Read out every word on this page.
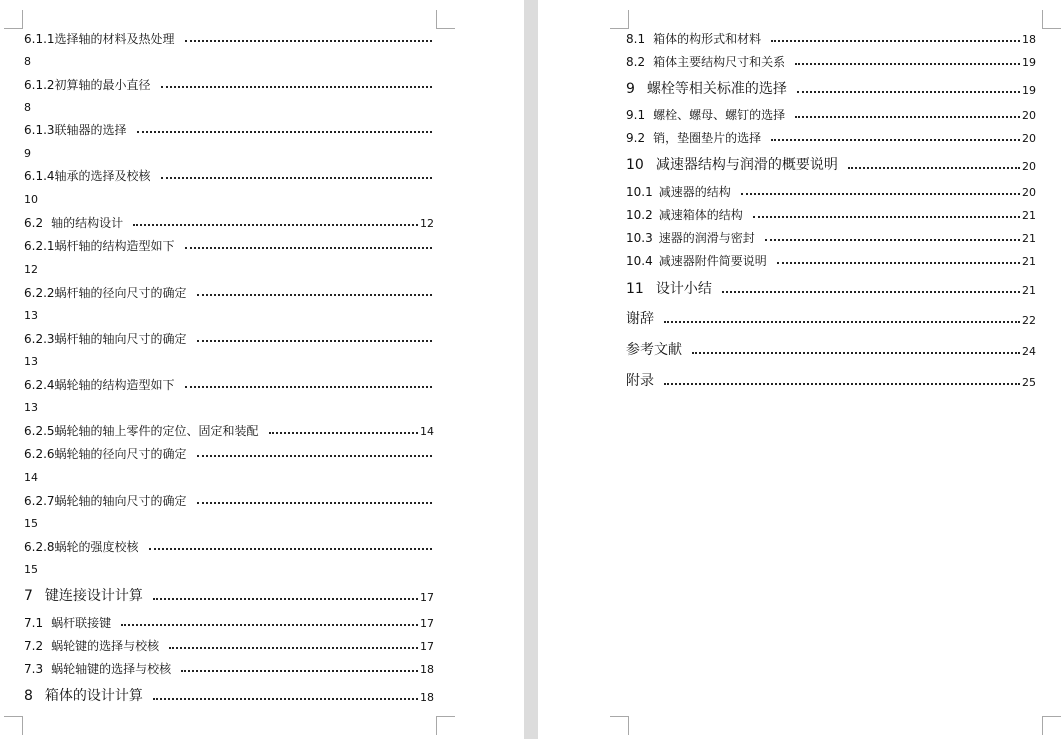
6.1.1 选择轴的材料及热处理
8
6.1.2 初算轴的最小直径
8
6.1.3 联轴器的选择
9
6.1.4 轴承的选择及校核
10
6.2 轴的结构设计	12
6.2.1 蜗杆轴的结构造型如下
12
6.2.2 蜗杆轴的径向尺寸的确定
13
6.2.3 蜗杆轴的轴向尺寸的确定
13
6.2.4 蜗轮轴的结构造型如下
13
6.2.5 蜗轮轴的轴上零件的定位、固定和装配	14
6.2.6 蜗轮轴的径向尺寸的确定
14
6.2.7 蜗轮轴的轴向尺寸的确定
15
6.2.8 蜗轮的强度校核
15
7 键连接设计计算	17
7.1 蜗杆联接键	17
7.2 蜗轮键的选择与校核	17
7.3 蜗轮轴键的选择与校核	18
8 箱体的设计计算	18
8.1 箱体的构形式和材料	18
8.2 箱体主要结构尺寸和关系	19
9 螺栓等相关标准的选择	19
9.1 螺栓、螺母、螺钉的选择	20
9.2 销，垫圈垫片的选择	20
10 减速器结构与润滑的概要说明	20
10.1 减速器的结构	20
10.2 减速箱体的结构	21
10.3 速器的润滑与密封	21
10.4 减速器附件简要说明	21
11 设计小结	21
谢辞	22
参考文献	24
附录	25
